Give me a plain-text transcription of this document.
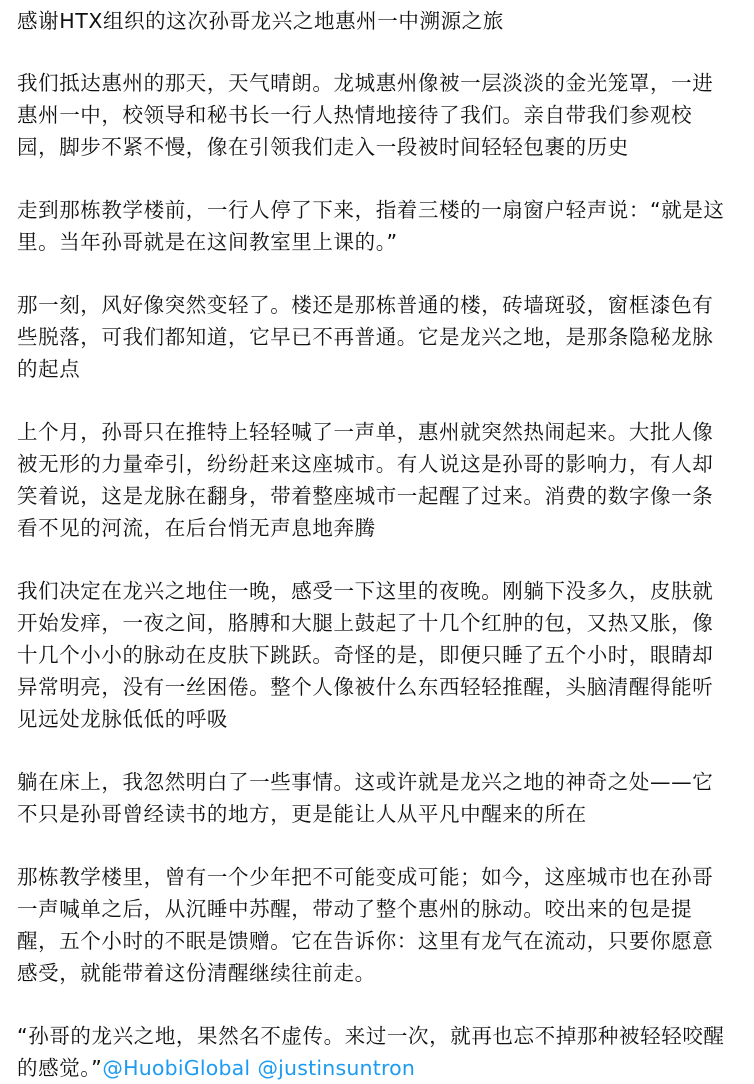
感谢HTX组织的这次孙哥龙兴之地惠州一中溯源之旅

我们抵达惠州的那天，天气晴朗。龙城惠州像被一层淡淡的金光笼罩，一进惠州一中，校领导和秘书长一行人热情地接待了我们。亲自带我们参观校园，脚步不紧不慢，像在引领我们走入一段被时间轻轻包裹的历史

走到那栋教学楼前，一行人停了下来，指着三楼的一扇窗户轻声说：“就是这里。当年孙哥就是在这间教室里上课的。”

那一刻，风好像突然变轻了。楼还是那栋普通的楼，砖墙斑驳，窗框漆色有些脱落，可我们都知道，它早已不再普通。它是龙兴之地，是那条隐秘龙脉的起点

上个月，孙哥只在推特上轻轻喊了一声单，惠州就突然热闹起来。大批人像被无形的力量牵引，纷纷赶来这座城市。有人说这是孙哥的影响力，有人却笑着说，这是龙脉在翻身，带着整座城市一起醒了过来。消费的数字像一条看不见的河流，在后台悄无声息地奔腾

我们决定在龙兴之地住一晚，感受一下这里的夜晚。刚躺下没多久，皮肤就开始发痒，一夜之间，胳膊和大腿上鼓起了十几个红肿的包，又热又胀，像十几个小小的脉动在皮肤下跳跃。奇怪的是，即便只睡了五个小时，眼睛却异常明亮，没有一丝困倦。整个人像被什么东西轻轻推醒，头脑清醒得能听见远处龙脉低低的呼吸

躺在床上，我忽然明白了一些事情。这或许就是龙兴之地的神奇之处——它不只是孙哥曾经读书的地方，更是能让人从平凡中醒来的所在

那栋教学楼里，曾有一个少年把不可能变成可能；如今，这座城市也在孙哥一声喊单之后，从沉睡中苏醒，带动了整个惠州的脉动。咬出来的包是提醒，五个小时的不眠是馈赠。它在告诉你：这里有龙气在流动，只要你愿意感受，就能带着这份清醒继续往前走。

“孙哥的龙兴之地，果然名不虚传。来过一次，就再也忘不掉那种被轻轻咬醒的感觉。”@HuobiGlobal @justinsuntron
